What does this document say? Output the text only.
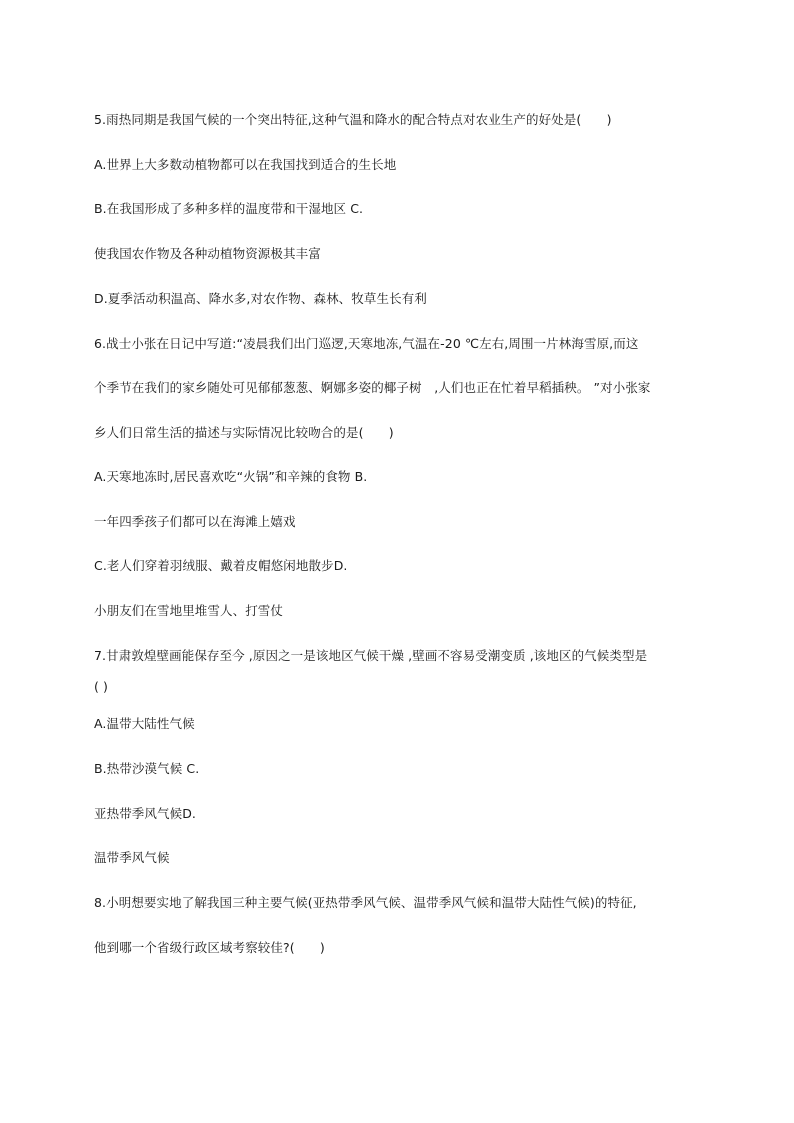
5.雨热同期是我国气候的一个突出特征,这种气温和降水的配合特点对农业生产的好处是(　　)
A.世界上大多数动植物都可以在我国找到适合的生长地
B.在我国形成了多种多样的温度带和干湿地区 C.
使我国农作物及各种动植物资源极其丰富
D.夏季活动积温高、降水多,对农作物、森林、牧草生长有利
6.战士小张在日记中写道:“凌晨我们出门巡逻,天寒地冻,气温在-20 ℃左右,周围一片林海雪原,而这
个季节在我们的家乡随处可见郁郁葱葱、婀娜多姿的椰子树　,人们也正在忙着早稻插秧。 ”对小张家
乡人们日常生活的描述与实际情况比较吻合的是(　　)
A.天寒地冻时,居民喜欢吃“火锅”和辛辣的食物 B.
一年四季孩子们都可以在海滩上嬉戏
C.老人们穿着羽绒服、戴着皮帽悠闲地散步D.
小朋友们在雪地里堆雪人、打雪仗
7.甘肃敦煌壁画能保存至今 ,原因之一是该地区气候干燥 ,壁画不容易受潮变质 ,该地区的气候类型是
( )
A.温带大陆性气候
B.热带沙漠气候 C.
亚热带季风气候D.
温带季风气候
8.小明想要实地了解我国三种主要气候(亚热带季风气候、温带季风气候和温带大陆性气候)的特征,
他到哪一个省级行政区域考察较佳?(　　)
